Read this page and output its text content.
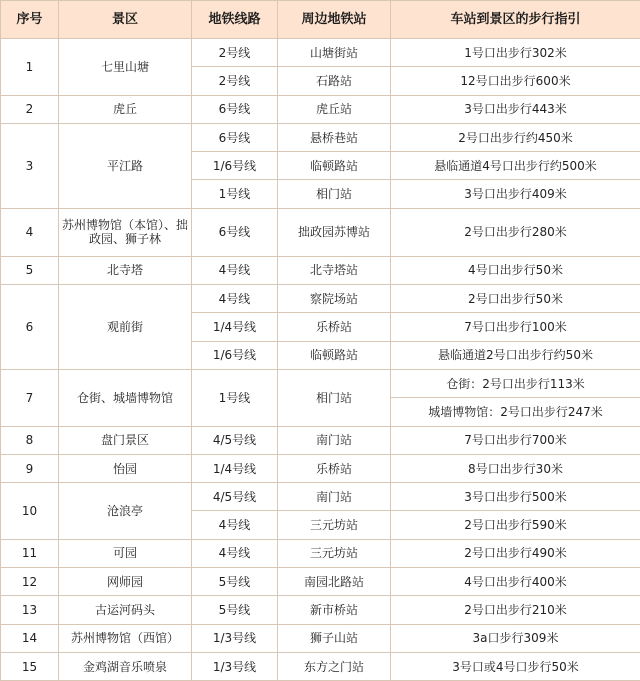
序号	景区	地铁线路	周边地铁站	车站到景区的步行指引
1	七里山塘	2号线	山塘街站	1号口出步行302米
		2号线	石路站	12号口出步行600米
2	虎丘	6号线	虎丘站	3号口出步行443米
3	平江路	6号线	悬桥巷站	2号口出步行约450米
		1/6号线	临顿路站	悬临通道4号口出步行约500米
		1号线	相门站	3号口出步行409米
4	苏州博物馆（本馆）、拙政园、狮子林	6号线	拙政园苏博站	2号口出步行280米
5	北寺塔	4号线	北寺塔站	4号口出步行50米
6	观前街	4号线	察院场站	2号口出步行50米
		1/4号线	乐桥站	7号口出步行100米
		1/6号线	临顿路站	悬临通道2号口出步行约50米
7	仓街、城墙博物馆	1号线	相门站	仓街：2号口出步行113米
				城墙博物馆：2号口出步行247米
8	盘门景区	4/5号线	南门站	7号口出步行700米
9	怡园	1/4号线	乐桥站	8号口出步行30米
10	沧浪亭	4/5号线	南门站	3号口出步行500米
		4号线	三元坊站	2号口出步行590米
11	可园	4号线	三元坊站	2号口出步行490米
12	网师园	5号线	南园北路站	4号口出步行400米
13	古运河码头	5号线	新市桥站	2号口出步行210米
14	苏州博物馆（西馆）	1/3号线	狮子山站	3a口步行309米
15	金鸡湖音乐喷泉	1/3号线	东方之门站	3号口或4号口步行50米
